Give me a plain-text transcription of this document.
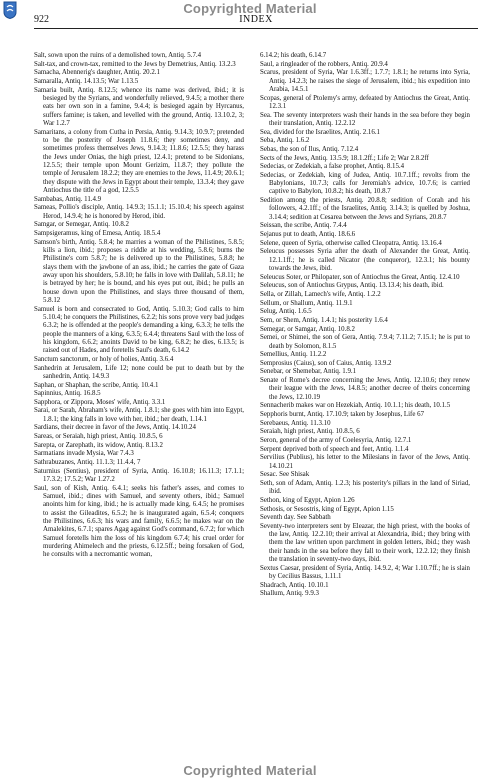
Copyrighted Material
922	INDEX
Salt, sown upon the ruins of a demolished town, Antiq. 5.7.4
Salt-tax, and crown-tax, remitted to the Jews by Demetrius, Antiq. 13.2.3
Samacha, Abennerig's daughter, Antiq. 20.2.1
Samaralla, Antiq. 14.13.5; War 1.13.5
Samaria built, Antiq. 8.12.5; whence its name was derived, ibid.; it is besieged by the Syrians, and wonderfully relieved, 9.4.5; a mother there eats her own son in a famine, 9.4.4; is besieged again by Hyrcanus, suffers famine; is taken, and levelled with the ground, Antiq. 13.10.2, 3; War 1.2.7
Samaritans, a colony from Cutha in Persia, Antiq. 9.14.3; 10.9.7; pretended to be the posterity of Joseph 11.8.6; they sometimes deny, and sometimes profess themselves Jews, 9.14.3; 11.8.6; 12.5.5; they harass the Jews under Onias, the high priest, 12.4.1; pretend to be Sidonians, 12.5.5; their temple upon Mount Gerizim, 11.8.7; they pollute the temple of Jerusalem 18.2.2; they are enemies to the Jews, 11.4.9; 20.6.1; they dispute with the Jews in Egypt about their temple, 13.3.4; they gave Antiochus the title of a god, 12.5.5
Sambabas, Antiq. 11.4.9
Sameas, Pollio's disciple, Antiq. 14.9.3; 15.1.1; 15.10.4; his speech against Herod, 14.9.4; he is honored by Herod, ibid.
Samgar, or Semegar, Antiq. 10.8.2
Sampsigeramus, king of Emesa, Antiq. 18.5.4
Samson's birth, Antiq. 5.8.4; he marries a woman of the Philistines, 5.8.5; kills a lion, ibid.; proposes a riddle at his wedding, 5.8.6; burns the Philistine's corn 5.8.7; he is delivered up to the Philistines, 5.8.8; he slays them with the jawbone of an ass, ibid.; he carries the gate of Gaza away upon his shoulders, 5.8.10; he falls in love with Dalilah, 5.8.11; he is betrayed by her; he is bound, and his eyes put out, ibid.; he pulls an house down upon the Philistines, and slays three thousand of them, 5.8.12
Samuel is born and consecrated to God, Antiq. 5.10.3; God calls to him 5.10.4; he conquers the Philistines, 6.2.2; his sons prove very bad judges 6.3.2; he is offended at the people's demanding a king, 6.3.3; he tells the people the manners of a king, 6.3.5; 6.4.4; threatens Saul with the loss of his kingdom, 6.6.2; anoints David to be king, 6.8.2; he dies, 6.13.5; is raised out of Hades, and foretells Saul's death, 6.14.2
Sanctum sanctorum, or holy of holies, Antiq. 3.6.4
Sanhedrin at Jerusalem, Life 12; none could be put to death but by the sanhedrin, Antiq. 14.9.3
Saphan, or Shaphan, the scribe, Antiq. 10.4.1
Sapinnius, Antiq. 16.8.5
Sapphora, or Zippora, Moses' wife, Antiq. 3.3.1
Sarai, or Sarah, Abraham's wife, Antiq. 1.8.1; she goes with him into Egypt, 1.8.1; the king falls in love with her, ibid.; her death, 1.14.1
Sardians, their decree in favor of the Jews, Antiq. 14.10.24
Sareas, or Seraiah, high priest, Antiq. 10.8.5, 6
Sarepta, or Zarephath, its widow, Antiq. 8.13.2
Sarmatians invade Mysia, War 7.4.3
Sathrabuzanes, Antiq. 11.1.3; 11.4.4, 7
Saturnius (Sentius), president of Syria, Antiq. 16.10.8; 16.11.3; 17.1.1; 17.3.2; 17.5.2; War 1.27.2
Saul, son of Kish, Antiq. 6.4.1; seeks his father's asses, and comes to Samuel, ibid.; dines with Samuel, and seventy others, ibid.; Samuel anoints him for king, ibid.; he is actually made king, 6.4.5; he promises to assist the Gileadites, 6.5.2; he is inaugurated again, 6.5.4; conquers the Philistines, 6.6.3; his wars and family, 6.6.5; he makes war on the Amalekites, 6.7.1; spares Agag against God's command, 6.7.2; for which Samuel foretells him the loss of his kingdom 6.7.4; his cruel order for murdering Ahimelech and the priests, 6.12.5ff.; being forsaken of God, he consults with a necromantic woman,
6.14.2; his death, 6.14.7
Saul, a ringleader of the robbers, Antiq. 20.9.4
Scarus, president of Syria, War 1.6.3ff.; 1.7.7; 1.8.1; he returns into Syria, Antiq. 14.2.3; he raises the siege of Jerusalem, ibid.; his expedition into Arabia, 14.5.1
Scopas, general of Ptolemy's army, defeated by Antiochus the Great, Antiq. 12.3.1
Sea. The seventy interpreters wash their hands in the sea before they begin their translation, Antiq. 12.2.12
Sea, divided for the Israelites, Antiq. 2.16.1
Seba, Antiq. 1.6.2
Sebas, the son of Ilus, Antiq. 7.12.4
Sects of the Jews, Antiq. 13.5.9; 18.1.2ff.; Life 2; War 2.8.2ff
Sedecias, or Zedekiah, a false prophet, Antiq. 8.15.4
Sedecias, or Zedekiah, king of Judea, Antiq. 10.7.1ff.; revolts from the Babylonians, 10.7.3; calls for Jeremiah's advice, 10.7.6; is carried captive to Babylon, 10.8.2; his death, 10.8.7
Sedition among the priests, Antiq. 20.8.8; sedition of Corah and his followers, 4.2.1ff.; of the Israelites, Antiq. 3.14.3; is quelled by Joshua, 3.14.4; sedition at Cesarea between the Jews and Syrians, 20.8.7
Seissan, the scribe, Antiq. 7.4.4
Sejanus put to death, Antiq. 18.6.6
Selene, queen of Syria, otherwise called Cleopatra, Antiq. 13.16.4
Seleucus possesses Syria after the death of Alexander the Great, Antiq. 12.1.1ff.; he is called Nicator (the conqueror), 12.3.1; his bounty towards the Jews, ibid.
Seleucus Soter, or Philopater, son of Antiochus the Great, Antiq. 12.4.10
Seleucus, son of Antiochus Grypus, Antiq. 13.13.4; his death, ibid.
Sella, or Zillah, Lamech's wife, Antiq. 1.2.2
Sellum, or Shallum, Antiq. 11.9.1
Selug, Antiq. 1.6.5
Sem, or Shem, Antiq. 1.4.1; his posterity 1.6.4
Semegar, or Samgar, Antiq. 10.8.2
Semei, or Shimei, the son of Gera, Antiq. 7.9.4; 7.11.2; 7.15.1; he is put to death by Solomon, 8.1.5
Semellius, Antiq. 11.2.2
Semprosius (Caius), son of Caius, Antiq. 13.9.2
Senebar, or Shemebar, Antiq. 1.9.1
Senate of Rome's decree concerning the Jews, Antiq. 12.10.6; they renew their league with the Jews, 14.8.5; another decree of theirs concerning the Jews, 12.10.19
Sennacherib makes war on Hezekiah, Antiq. 10.1.1; his death, 10.1.5
Sepphoris burnt, Antiq. 17.10.9; taken by Josephus, Life 67
Serebaeus, Antiq. 11.3.10
Seraiah, high priest, Antiq. 10.8.5, 6
Seron, general of the army of Coelesyria, Antiq. 12.7.1
Serpent deprived both of speech and feet, Antiq. 1.1.4
Servilius (Publius), his letter to the Milesians in favor of the Jews, Antiq. 14.10.21
Sesac. See Shisak
Seth, son of Adam, Antiq. 1.2.3; his posterity's pillars in the land of Siriad, ibid.
Sethon, king of Egypt, Apion 1.26
Sethosis, or Sesostris, king of Egypt, Apion 1.15
Seventh day. See Sabbath
Seventy-two interpreters sent by Eleazar, the high priest, with the books of the law, Antiq. 12.2.10; their arrival at Alexandria, ibid.; they bring with them the law written upon parchment in golden letters, ibid.; they wash their hands in the sea before they fall to their work, 12.2.12; they finish the translation in seventy-two days, ibid.
Sextus Caesar, president of Syria, Antiq. 14.9.2, 4; War 1.10.7ff.; he is slain by Cecilius Bassus, 1.11.1
Shadrach, Antiq. 10.10.1
Shallum, Antiq. 9.9.3
Copyrighted Material
